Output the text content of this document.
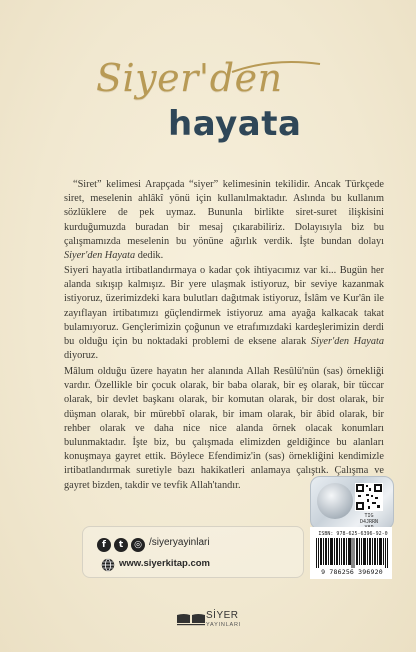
Siyer'den
hayata

“Siret” kelimesi Arapçada “siyer” kelimesinin tekilidir. Ancak Türkçede siret, meselenin ahlâkî yönü için kullanılmaktadır. Aslında bu kullanım sözlüklere de pek uymaz. Bununla birlikte siret-suret ilişkisini kurduğumuzda buradan bir mesaj çıkarabiliriz. Dolayısıyla biz bu çalışmamızda meselenin bu yönüne ağırlık verdik. İşte bundan dolayı Siyer'den Hayata dedik.

Siyeri hayatla irtibatlandırmaya o kadar çok ihtiyacımız var ki... Bugün her alanda sıkışıp kalmışız. Bir yere ulaşmak istiyoruz, bir seviye kazanmak istiyoruz, üzerimizdeki kara bulutları dağıtmak istiyoruz, İslâm ve Kur'ân ile zayıflayan irtibatımızı güçlendirmek istiyoruz ama ayağa kalkacak takat bulamıyoruz. Gençlerimizin çoğunun ve etrafımızdaki kardeşlerimizin derdi bu olduğu için bu noktadaki problemi de eksene alarak Siyer'den Hayata diyoruz.

Mâlum olduğu üzere hayatın her alanında Allah Resûlü'nün (sas) örnekliği vardır. Özellikle bir çocuk olarak, bir baba olarak, bir eş olarak, bir tüccar olarak, bir devlet başkanı olarak, bir komutan olarak, bir dost olarak, bir düşman olarak, bir mürebbî olarak, bir imam olarak, bir âbid olarak, bir rehber olarak ve daha nice nice alanda örnek olacak konumları bulunmaktadır. İşte biz, bu çalışmada elimizden geldiğince bu alanları konuşmaya gayret ettik. Böylece Efendimiz'in (sas) örnekliğini kendimizle irtibatlandırmak suretiyle bazı hakikatleri anlamaya çalıştık. Çalışma ve gayret bizden, takdir ve tevfik Allah'tandır.

f	t	◎ /siyeryayinlari
www.siyerkitap.com
TIG
D4JRRN

ISBN: 978-625-6396-92-0
9 786256 396920
SİYER
YAYINLARI
